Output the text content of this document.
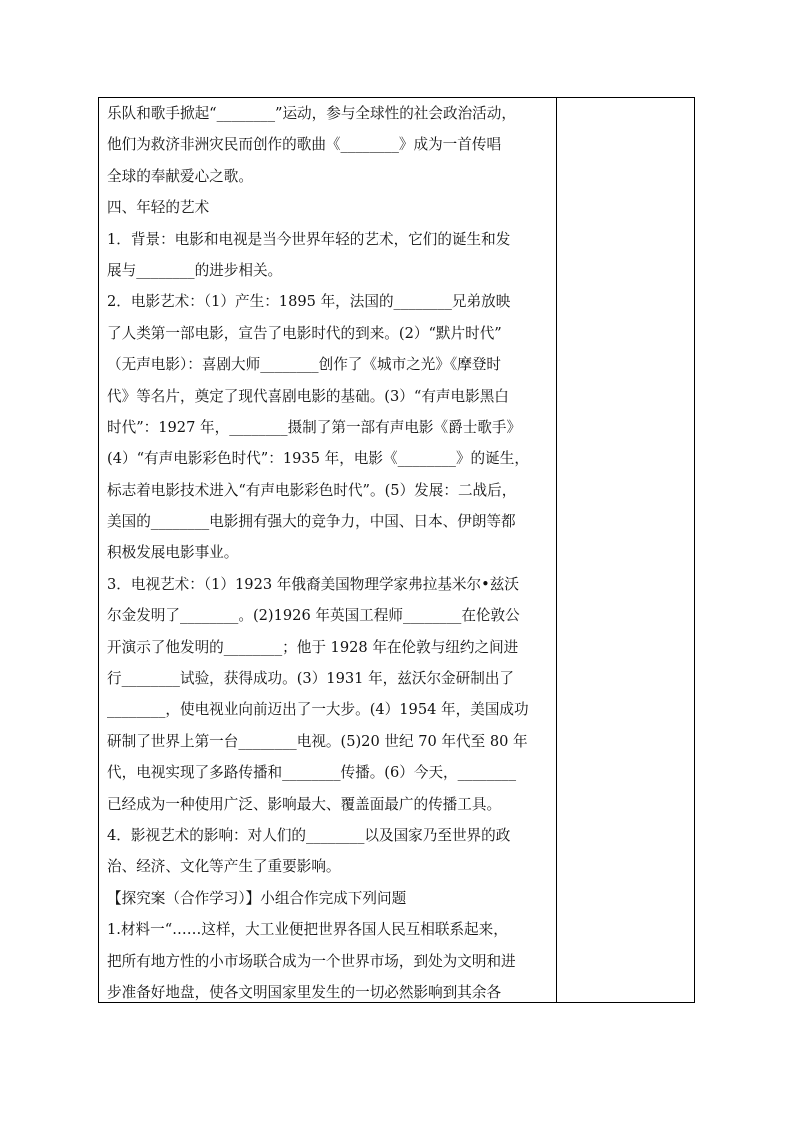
乐队和歌手掀起“________”运动，参与全球性的社会政治活动，
他们为救济非洲灾民而创作的歌曲《________》成为一首传唱
全球的奉献爱心之歌。
四、年轻的艺术
1．背景：电影和电视是当今世界年轻的艺术，它们的诞生和发
展与________的进步相关。
2．电影艺术：（1）产生：1895 年，法国的________兄弟放映
了人类第一部电影，宣告了电影时代的到来。(2）“默片时代”
（无声电影）：喜剧大师________创作了《城市之光》《摩登时
代》等名片，奠定了现代喜剧电影的基础。(3）“有声电影黑白
时代”：1927 年，________摄制了第一部有声电影《爵士歌手》
(4）“有声电影彩色时代”：1935 年，电影《________》的诞生，
标志着电影技术进入“有声电影彩色时代”。(5）发展：二战后，
美国的________电影拥有强大的竞争力，中国、日本、伊朗等都
积极发展电影事业。
3．电视艺术：（1）1923 年俄裔美国物理学家弗拉基米尔•兹沃
尔金发明了________。(2)1926 年英国工程师________在伦敦公
开演示了他发明的________；他于 1928 年在伦敦与纽约之间进
行________试验，获得成功。(3）1931 年，兹沃尔金研制出了
________，使电视业向前迈出了一大步。(4）1954 年，美国成功
研制了世界上第一台________电视。(5)20 世纪 70 年代至 80 年
代，电视实现了多路传播和________传播。(6）今天，________
已经成为一种使用广泛、影响最大、覆盖面最广的传播工具。
4．影视艺术的影响：对人们的________以及国家乃至世界的政
治、经济、文化等产生了重要影响。
【探究案（合作学习）】小组合作完成下列问题
1.材料一“……这样，大工业便把世界各国人民互相联系起来，
把所有地方性的小市场联合成为一个世界市场，到处为文明和进
步准备好地盘，使各文明国家里发生的一切必然影响到其余各
